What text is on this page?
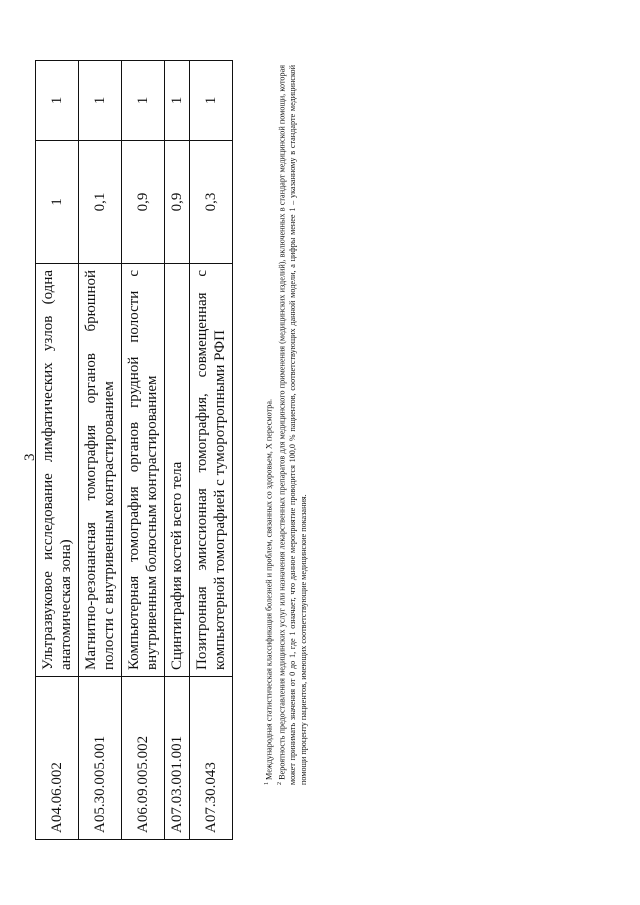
3
A04.06.002	Ультразвуковое исследование лимфатических узлов (одна анатомическая зона)	1	1
A05.30.005.001	Магнитно-резонансная томография органов брюшной полости с внутривенным контрастированием	0,1	1
A06.09.005.002	Компьютерная томография органов грудной полости с внутривенным болюсным контрастированием	0,9	1
A07.03.001.001	Сцинтиграфия костей всего тела	0,9	1
A07.30.043	Позитронная эмиссионная томография, совмещенная с компьютерной томографией с туморотропными РФП	0,3	1

$^1$ Международная статистическая классификация болезней и проблем, связанных со здоровьем, X пересмотра.

$^2$ Вероятность предоставления медицинских услуг или назначения лекарственных препаратов для медицинского применения (медицинских изделий), включенных в стандарт медицинской помощи, которая может принимать значения от 0 до 1, где 1 означает, что данное мероприятие проводится 100,0 % пациентов, соответствующих данной модели, а цифры менее 1 – указанному в стандарте медицинской помощи проценту пациентов, имеющих соответствующие медицинские показания.
